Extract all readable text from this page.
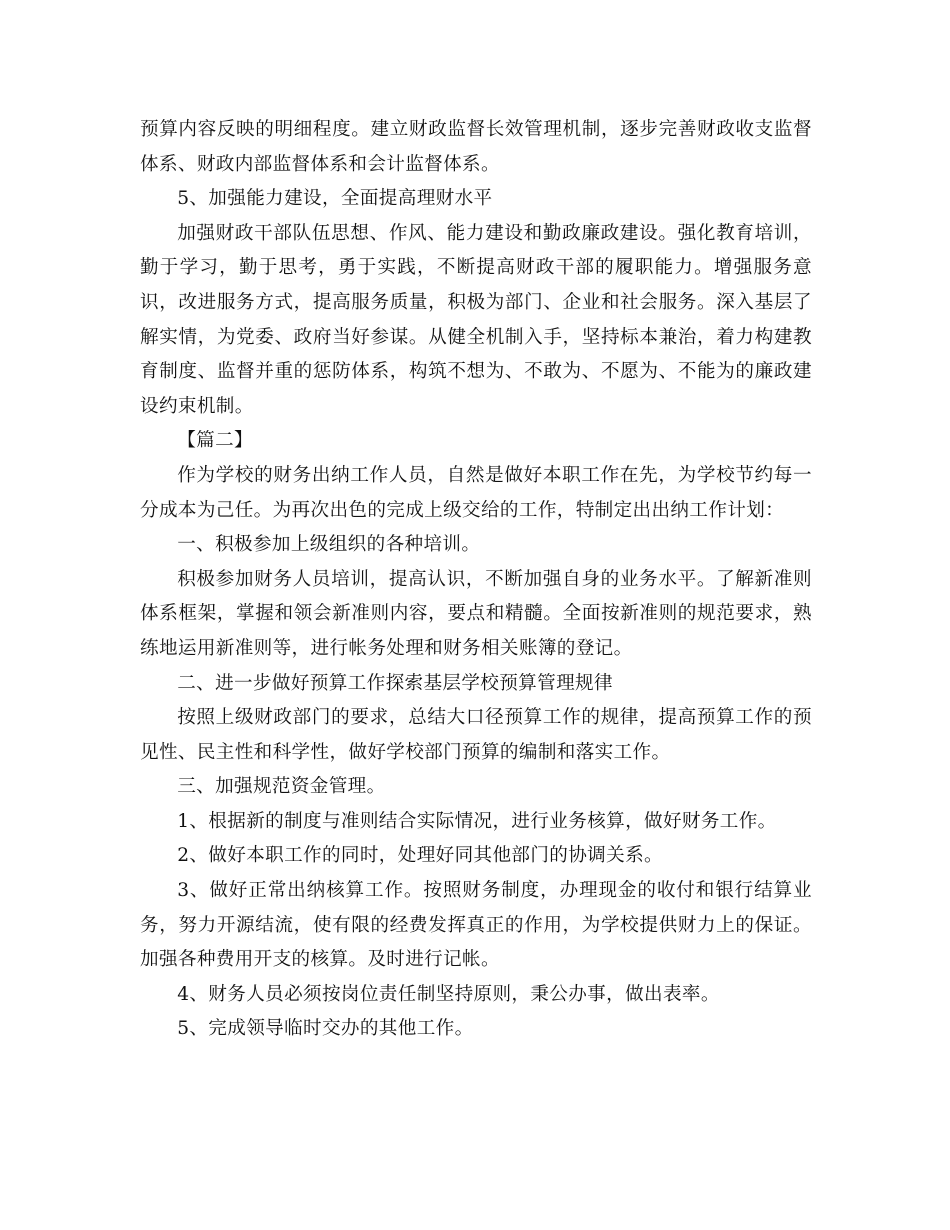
预算内容反映的明细程度。建立财政监督长效管理机制，逐步完善财政收支监督体系、财政内部监督体系和会计监督体系。

5、加强能力建设，全面提高理财水平

加强财政干部队伍思想、作风、能力建设和勤政廉政建设。强化教育培训，勤于学习，勤于思考，勇于实践，不断提高财政干部的履职能力。增强服务意识，改进服务方式，提高服务质量，积极为部门、企业和社会服务。深入基层了解实情，为党委、政府当好参谋。从健全机制入手，坚持标本兼治，着力构建教育制度、监督并重的惩防体系，构筑不想为、不敢为、不愿为、不能为的廉政建设约束机制。

【篇二】

作为学校的财务出纳工作人员，自然是做好本职工作在先，为学校节约每一分成本为己任。为再次出色的完成上级交给的工作，特制定出出纳工作计划：

一、积极参加上级组织的各种培训。

积极参加财务人员培训，提高认识，不断加强自身的业务水平。了解新准则体系框架，掌握和领会新准则内容，要点和精髓。全面按新准则的规范要求，熟练地运用新准则等，进行帐务处理和财务相关账簿的登记。

二、进一步做好预算工作探索基层学校预算管理规律

按照上级财政部门的要求，总结大口径预算工作的规律，提高预算工作的预见性、民主性和科学性，做好学校部门预算的编制和落实工作。

三、加强规范资金管理。

1、根据新的制度与准则结合实际情况，进行业务核算，做好财务工作。

2、做好本职工作的同时，处理好同其他部门的协调关系。

3、做好正常出纳核算工作。按照财务制度，办理现金的收付和银行结算业务，努力开源结流，使有限的经费发挥真正的作用，为学校提供财力上的保证。加强各种费用开支的核算。及时进行记帐。

4、财务人员必须按岗位责任制坚持原则，秉公办事，做出表率。

5、完成领导临时交办的其他工作。
